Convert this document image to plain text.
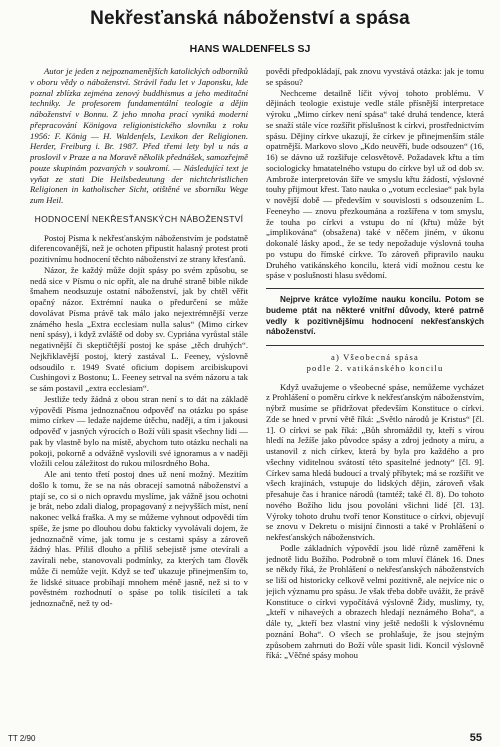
Nekřesťanská náboženství a spása
HANS WALDENFELS SJ

Autor je jeden z nejpoznamenějších katolických odborníků v oboru vědy o náboženství. Strávil řadu let v Japonsku, kde poznal zblízka zejména zenový buddhismus a jeho meditační techniky. Je profesorem fundamentální teologie a dějin náboženství v Bonnu. Z jeho mnoha prací vyniká moderní přepracování Königova religionistického slovníku z roku 1956: F. König — H. Waldenfels, Lexikon der Religionen. Herder, Freiburg i. Br. 1987. Před třemi lety byl u nás a proslovil v Praze a na Moravě několik přednášek, samozřejmě pouze skupinám pozvaných v soukromí. — Následující text je vyňat ze stati Die Heilsbedeutung der nichtchristlichen Religionen in katholischer Sicht, otištěné ve sborníku Wege zum Heil.

HODNOCENÍ NEKŘESŤANSKÝCH NÁBOŽENSTVÍ

Postoj Písma k nekřesťanským náboženstvím je podstatně diferencovanější, než je ochoten připustit halasný protest proti pozitivnímu hodnocení těchto náboženství ze strany křesťanů.

Názor, že každý může dojít spásy po svém způsobu, se nedá sice v Písmu o nic opřít, ale na druhé straně bible nikde šmahem neodsuzuje ostatní náboženství, jak by chtěl věřit opačný názor. Extrémní nauka o předurčení se může dovolávat Písma právě tak málo jako nejextrémnější verze známého hesla „Extra ecclesiam nulla salus“ (Mimo církev není spásy), i když zvláště od doby sv. Cypriána vyrůstal stále negativnější či skeptičtější postoj ke spáse „těch druhých“. Nejkřiklavější postoj, který zastával L. Feeney, výslovně odsoudilo r. 1949 Svaté oficium dopisem arcibiskupovi Cushingovi z Bostonu; L. Feeney setrval na svém názoru a tak se sám postavil „extra ecclesiam“.

Jestliže tedy žádná z obou stran není s to dát na základě výpovědí Písma jednoznačnou odpověď na otázku po spáse mimo církev — ledaže najdeme útěchu, naději, a tím i jakousi odpověď v jasných výrocích o Boží vůli spasit všechny lidi — pak by vlastně bylo na místě, abychom tuto otázku nechali na pokoji, pokorně a odvážně vyslovili své ignoramus a v naději vložili celou záležitost do rukou milosrdného Boha.

Ale ani tento třetí postoj dnes už není možný. Mezitím došlo k tomu, že se na nás obracejí samotná náboženství a ptají se, co si o nich opravdu myslíme, jak vážně jsou ochotni je brát, nebo zdali dialog, propagovaný z nejvyšších míst, není nakonec velká fraška. A my se můžeme vyhnout odpovědi tím spíše, že jsme po dlouhou dobu fakticky vyvolávali dojem, že jednoznačně víme, jak tomu je s cestami spásy a zároveň žádný hlas. Příliš dlouho a příliš sebejistě jsme otevírali a zavírali nebe, stanovovali podmínky, za kterých tam člověk může či nemůže vejít. Když se teď ukazuje přinejmenším to, že lidské situace probíhají mnohem méně jasně, než si to v pověstném rozhodnutí o spáse po tolik tisíciletí a tak jednoznačně, než ty od-

povědi předpokládají, pak znovu vyvstává otázka: jak je tomu se spásou?

Nechceme detailně líčit vývoj tohoto problému. V dějinách teologie existuje vedle stále přísnější interpretace výroku „Mimo církev není spása“ také druhá tendence, která se snaží stále více rozšířit příslušnost k církvi, prostřednictvím spásu. Dějiny církve ukazují, že církev je přinejmenším stále opatrnější. Markovo slovo „Kdo neuvěří, bude odsouzen“ (16, 16) se dávno už rozšiřuje celosvětově. Požadavek křtu a tím sociologicky hmatatelného vstupu do církve byl už od dob sv. Ambrože interpretován šíře ve smyslu křtu žádostí, výslovné touhy přijmout křest. Tato nauka o „votum ecclesiae“ pak byla v novější době — především v souvislosti s odsouzením L. Feeneyho — znovu přezkoumána a rozšířena v tom smyslu, že touha po církvi a vstupu do ní (křtu) může být „implikována“ (obsažena) také v něčem jiném, v úkonu dokonalé lásky apod., že se tedy nepožaduje výslovná touha po vstupu do římské církve. To zároveň připravilo nauku Druhého vatikánského koncilu, která vidí možnou cestu ke spáse v poslušnosti hlasu svědomí.

Nejprve krátce vyložíme nauku koncilu. Potom se budeme ptát na některé vnitřní důvody, které patrně vedly k pozitivnějšímu hodnocení nekřesťanských náboženství.

a) Všeobecná spása

podle 2. vatikánského koncilu

Když uvažujeme o všeobecné spáse, nemůžeme vycházet z Prohlášení o poměru církve k nekřesťanským náboženstvím, nýbrž musíme se přidržovat především Konstituce o církvi. Zde se hned v první větě říká: „Světlo národů je Kristus“ [čl. 1]. O církvi se pak říká: „Bůh shromáždil ty, kteří s vírou hledí na Ježíše jako původce spásy a zdroj jednoty a míru, a ustanovil z nich církev, která by byla pro každého a pro všechny viditelnou svátostí této spasitelné jednoty“ [čl. 9]. Církev sama hledá budoucí a trvalý příbytek; má se rozšířit ve všech krajinách, vstupuje do lidských dějin, zároveň však přesahuje čas i hranice národů (tamtéž; také čl. 8). Do tohoto nového Božího lidu jsou povoláni všichni lidé [čl. 13]. Výroky tohoto druhu tvoří tenor Konstituce o církvi, objevují se znovu v Dekretu o misijní činnosti a také v Prohlášení o nekřesťanských náboženstvích.

Podle základních výpovědí jsou lidé různě zaměřeni k jednotě lidu Božího. Podrobně o tom mluví článek 16. Dnes se někdy říká, že Prohlášení o nekřesťanských náboženstvích se liší od historicky celkově velmi pozitivně, ale nejvíce nic o jejich významu pro spásu. Je však třeba dobře uvážit, že právě Konstituce o církvi vypočítává výslovně Židy, muslimy, ty, „kteří v nihaveých a obrazech hledají neznámého Boha“, a dále ty, „kteří bez vlastní viny ještě nedošli k výslovnému poznání Boha“. O všech se prohlašuje, že jsou stejným způsobem zahrnuti do Boží vůle spasit lidi. Koncil výslovně říká: „Věčné spásy mohou

TT 2/90	55
